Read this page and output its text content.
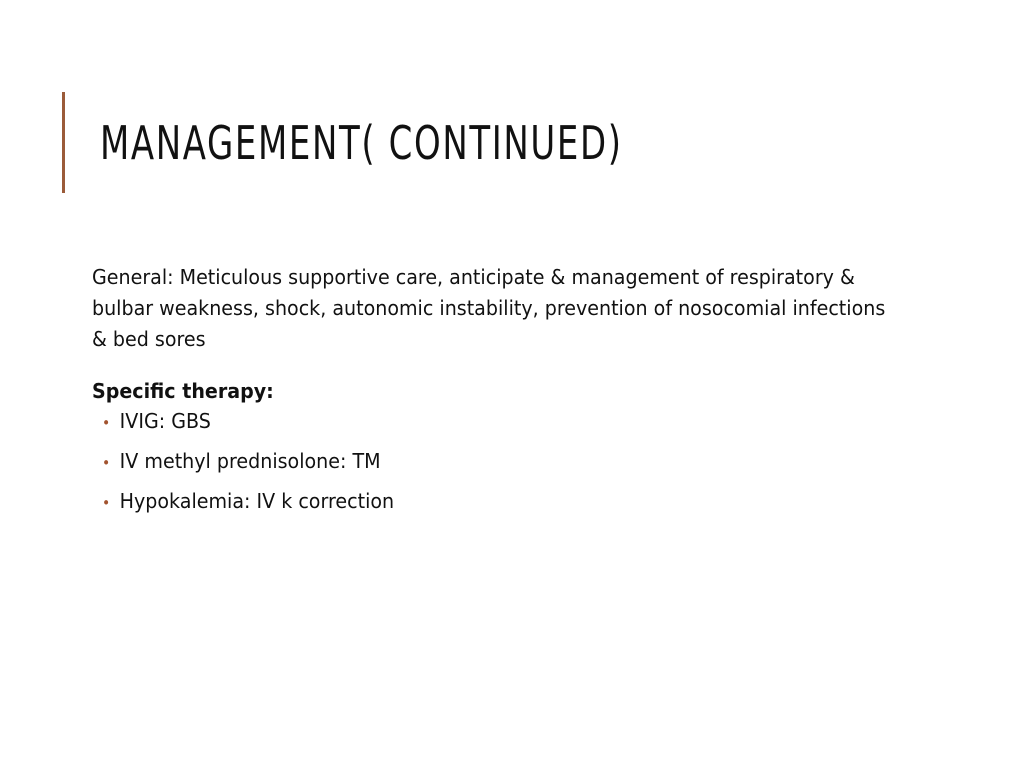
MANAGEMENT( CONTINUED)

General: Meticulous supportive care, anticipate & management of respiratory & bulbar weakness, shock, autonomic instability, prevention of nosocomial infections & bed sores

Specific therapy:

• IVIG: GBS
• IV methyl prednisolone: TM
• Hypokalemia: IV k correction
